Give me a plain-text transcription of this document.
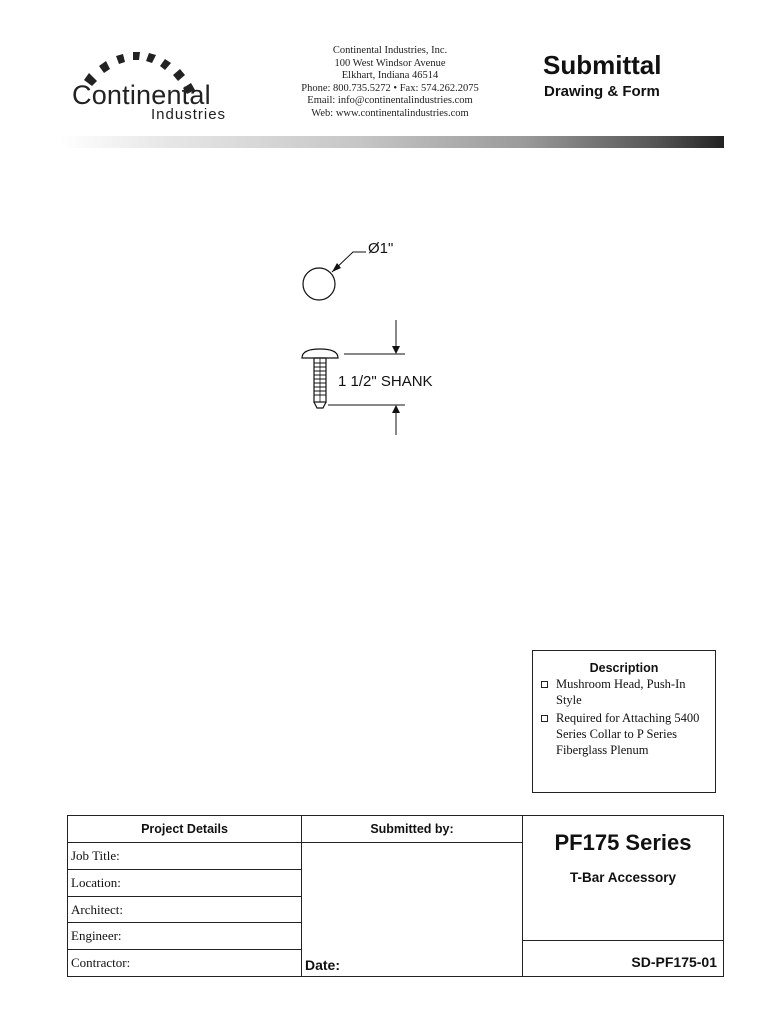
Continental
Industries
Continental Industries, Inc.
100 West Windsor Avenue
Elkhart, Indiana 46514
Phone: 800.735.5272 • Fax: 574.262.2075
Email: info@continentalindustries.com
Web: www.continentalindustries.com
Submittal
Drawing & Form
Ø1"
1 1/2" SHANK
Description
Mushroom Head, Push-In Style
Required for Attaching 5400 Series Collar to P Series Fiberglass Plenum
Project Details
Job Title:
Location:
Architect:
Engineer:
Contractor:
Submitted by:
Date:
PF175 Series
T-Bar Accessory
SD-PF175-01
